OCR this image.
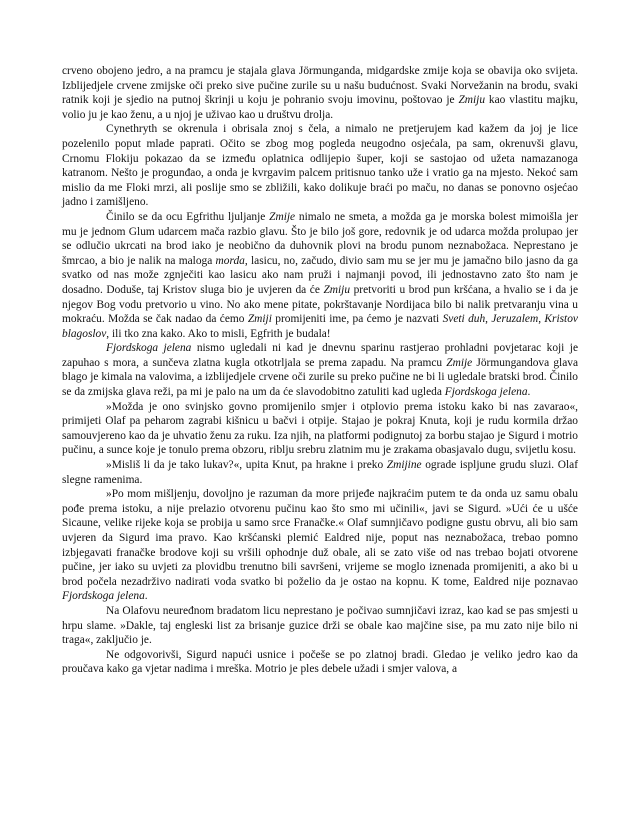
crveno obojeno jedro, a na pramcu je stajala glava Jörmunganda, midgardske zmije koja se obavija oko svijeta. Izblijedjele crvene zmijske oči preko sive pučine zurile su u našu budućnost. Svaki Norvežanin na brodu, svaki ratnik koji je sjedio na putnoj škrinji u koju je pohranio svoju imovinu, poštovao je Zmiju kao vlastitu majku, volio ju je kao ženu, a u njoj je uživao kao u društvu drolja.

Cynethryth se okrenula i obrisala znoj s čela, a nimalo ne pretjerujem kad kažem da joj je lice pozelenilo poput mlade paprati. Očito se zbog mog pogleda neugodno osjećala, pa sam, okrenuvši glavu, Crnomu Flokiju pokazao da se između oplatnica odlijepio šuper, koji se sastojao od užeta namazanoga katranom. Nešto je progunđao, a onda je kvrgavim palcem pritisnuo tanko uže i vratio ga na mjesto. Nekoć sam mislio da me Floki mrzi, ali poslije smo se zbližili, kako dolikuje braći po maču, no danas se ponovno osjećao jadno i zamišljeno.

Činilo se da ocu Egfrithu ljuljanje Zmije nimalo ne smeta, a možda ga je morska bolest mimoišla jer mu je jednom Glum udarcem mača razbio glavu. Što je bilo još gore, redovnik je od udarca možda prolupao jer se odlučio ukrcati na brod iako je neobično da duhovnik plovi na brodu punom neznabožaca. Neprestano je šmrcao, a bio je nalik na maloga morda, lasicu, no, začudo, divio sam mu se jer mu je jamačno bilo jasno da ga svatko od nas može zgnječiti kao lasicu ako nam pruži i najmanji povod, ili jednostavno zato što nam je dosadno. Doduše, taj Kristov sluga bio je uvjeren da će Zmiju pretvoriti u brod pun kršćana, a hvalio se i da je njegov Bog vodu pretvorio u vino. No ako mene pitate, pokrštavanje Nordijaca bilo bi nalik pretvaranju vina u mokraću. Možda se čak nadao da ćemo Zmiji promijeniti ime, pa ćemo je nazvati Sveti duh, Jeruzalem, Kristov blagoslov, ili tko zna kako. Ako to misli, Egfrith je budala!

Fjordskoga jelena nismo ugledali ni kad je dnevnu sparinu rastjerao prohladni povjetarac koji je zapuhao s mora, a sunčeva zlatna kugla otkotrljala se prema zapadu. Na pramcu Zmije Jörmungandova glava blago je kimala na valovima, a izblijedjele crvene oči zurile su preko pučine ne bi li ugledale bratski brod. Činilo se da zmijska glava reži, pa mi je palo na um da će slavodobitno zatuliti kad ugleda Fjordskoga jelena.

»Možda je ono svinjsko govno promijenilo smjer i otplovio prema istoku kako bi nas zavarao«, primijeti Olaf pa peharom zagrabi kišnicu u bačvi i otpije. Stajao je pokraj Knuta, koji je rudu kormila držao samouvjereno kao da je uhvatio ženu za ruku. Iza njih, na platformi podignutoj za borbu stajao je Sigurd i motrio pučinu, a sunce koje je tonulo prema obzoru, riblju srebru zlatnim mu je zrakama obasjavalo dugu, svijetlu kosu.

»Misliš li da je tako lukav?«, upita Knut, pa hrakne i preko Zmijine ograde ispljune grudu sluzi. Olaf slegne ramenima.

»Po mom mišljenju, dovoljno je razuman da more prijeđe najkraćim putem te da onda uz samu obalu pođe prema istoku, a nije prelazio otvorenu pučinu kao što smo mi učinili«, javi se Sigurd. »Ući će u ušće Sicaune, velike rijeke koja se probija u samo srce Franačke.« Olaf sumnjičavo podigne gustu obrvu, ali bio sam uvjeren da Sigurd ima pravo. Kao kršćanski plemić Ealdred nije, poput nas neznabožaca, trebao pomno izbjegavati franačke brodove koji su vršili ophodnje duž obale, ali se zato više od nas trebao bojati otvorene pučine, jer iako su uvjeti za plovidbu trenutno bili savršeni, vrijeme se moglo iznenada promijeniti, a ako bi u brod počela nezadrživo nadirati voda svatko bi poželio da je ostao na kopnu. K tome, Ealdred nije poznavao Fjordskoga jelena.

Na Olafovu neuređnom bradatom licu neprestano je počivao sumnjičavi izraz, kao kad se pas smjesti u hrpu slame. »Dakle, taj engleski list za brisanje guzice drži se obale kao majčine sise, pa mu zato nije bilo ni traga«, zaključio je.

Ne odgovorivši, Sigurd napući usnice i počeše se po zlatnoj bradi. Gledao je veliko jedro kao da proučava kako ga vjetar nadima i mreška. Motrio je ples debele užadi i smjer valova, a
